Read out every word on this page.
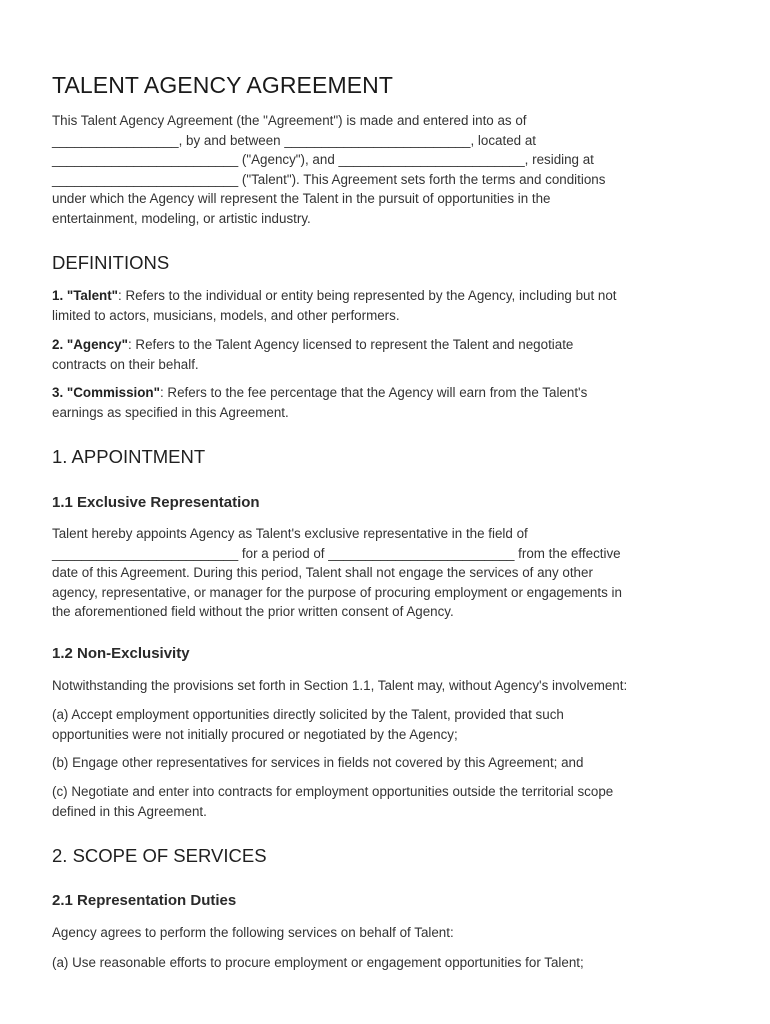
TALENT AGENCY AGREEMENT

This Talent Agency Agreement (the "Agreement") is made and entered into as of
_________________, by and between _________________________, located at
_________________________ ("Agency"), and _________________________, residing at
_________________________ ("Talent"). This Agreement sets forth the terms and conditions
under which the Agency will represent the Talent in the pursuit of opportunities in the
entertainment, modeling, or artistic industry.

DEFINITIONS

1. "Talent": Refers to the individual or entity being represented by the Agency, including but not
limited to actors, musicians, models, and other performers.

2. "Agency": Refers to the Talent Agency licensed to represent the Talent and negotiate
contracts on their behalf.

3. "Commission": Refers to the fee percentage that the Agency will earn from the Talent's
earnings as specified in this Agreement.

1. APPOINTMENT
1.1 Exclusive Representation

Talent hereby appoints Agency as Talent's exclusive representative in the field of
_________________________ for a period of _________________________ from the effective
date of this Agreement. During this period, Talent shall not engage the services of any other
agency, representative, or manager for the purpose of procuring employment or engagements in
the aforementioned field without the prior written consent of Agency.

1.2 Non-Exclusivity

Notwithstanding the provisions set forth in Section 1.1, Talent may, without Agency's involvement:

(a) Accept employment opportunities directly solicited by the Talent, provided that such
opportunities were not initially procured or negotiated by the Agency;

(b) Engage other representatives for services in fields not covered by this Agreement; and

(c) Negotiate and enter into contracts for employment opportunities outside the territorial scope
defined in this Agreement.

2. SCOPE OF SERVICES
2.1 Representation Duties

Agency agrees to perform the following services on behalf of Talent:

(a) Use reasonable efforts to procure employment or engagement opportunities for Talent;
